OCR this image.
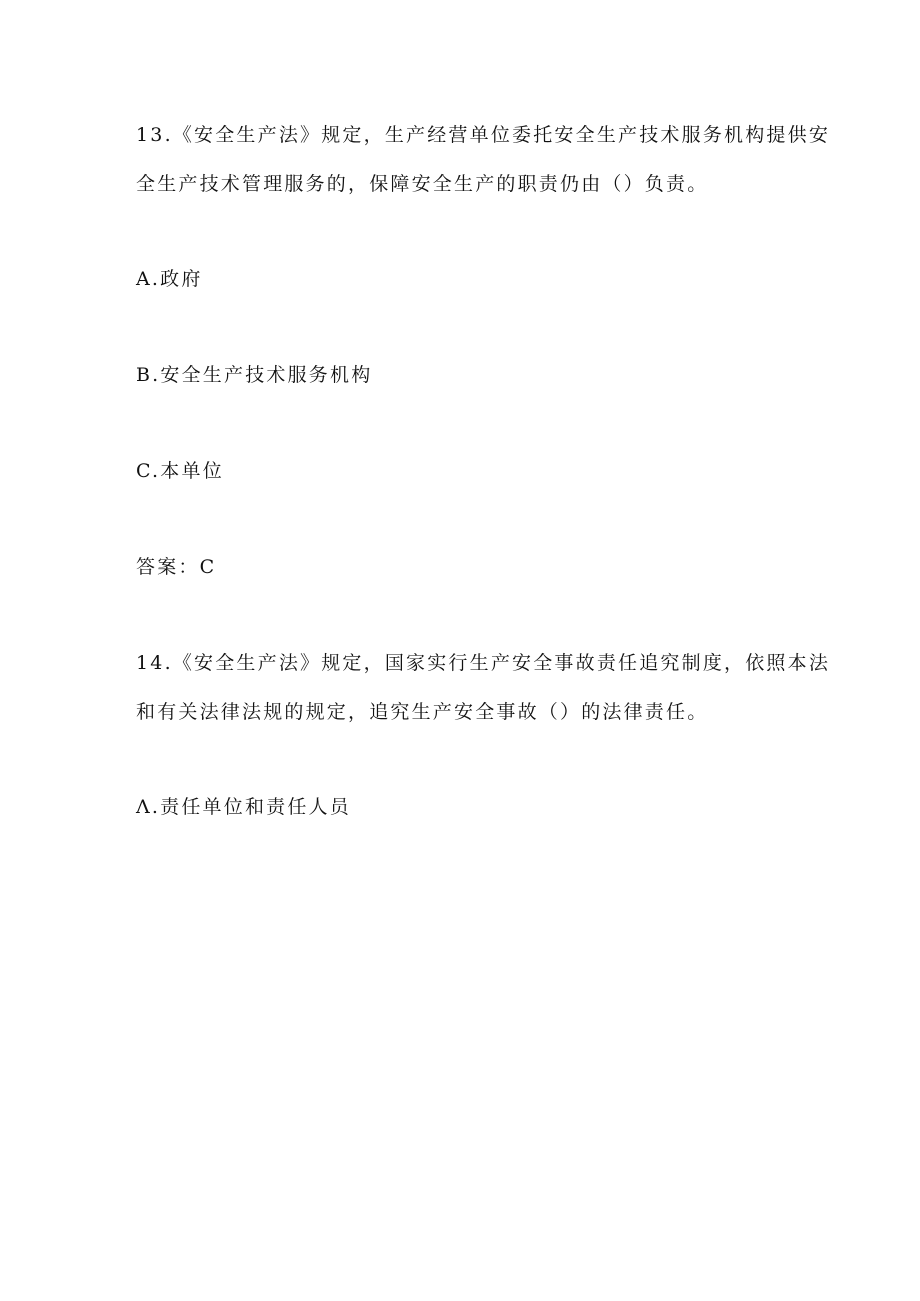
13.《安全生产法》规定，生产经营单位委托安全生产技术服务机构提供安

全生产技术管理服务的，保障安全生产的职责仍由（）负责。

A.政府

B.安全生产技术服务机构

C.本单位

答案：C

14.《安全生产法》规定，国家实行生产安全事故责任追究制度，依照本法

和有关法律法规的规定，追究生产安全事故（）的法律责任。

Λ.责任单位和责任人员
